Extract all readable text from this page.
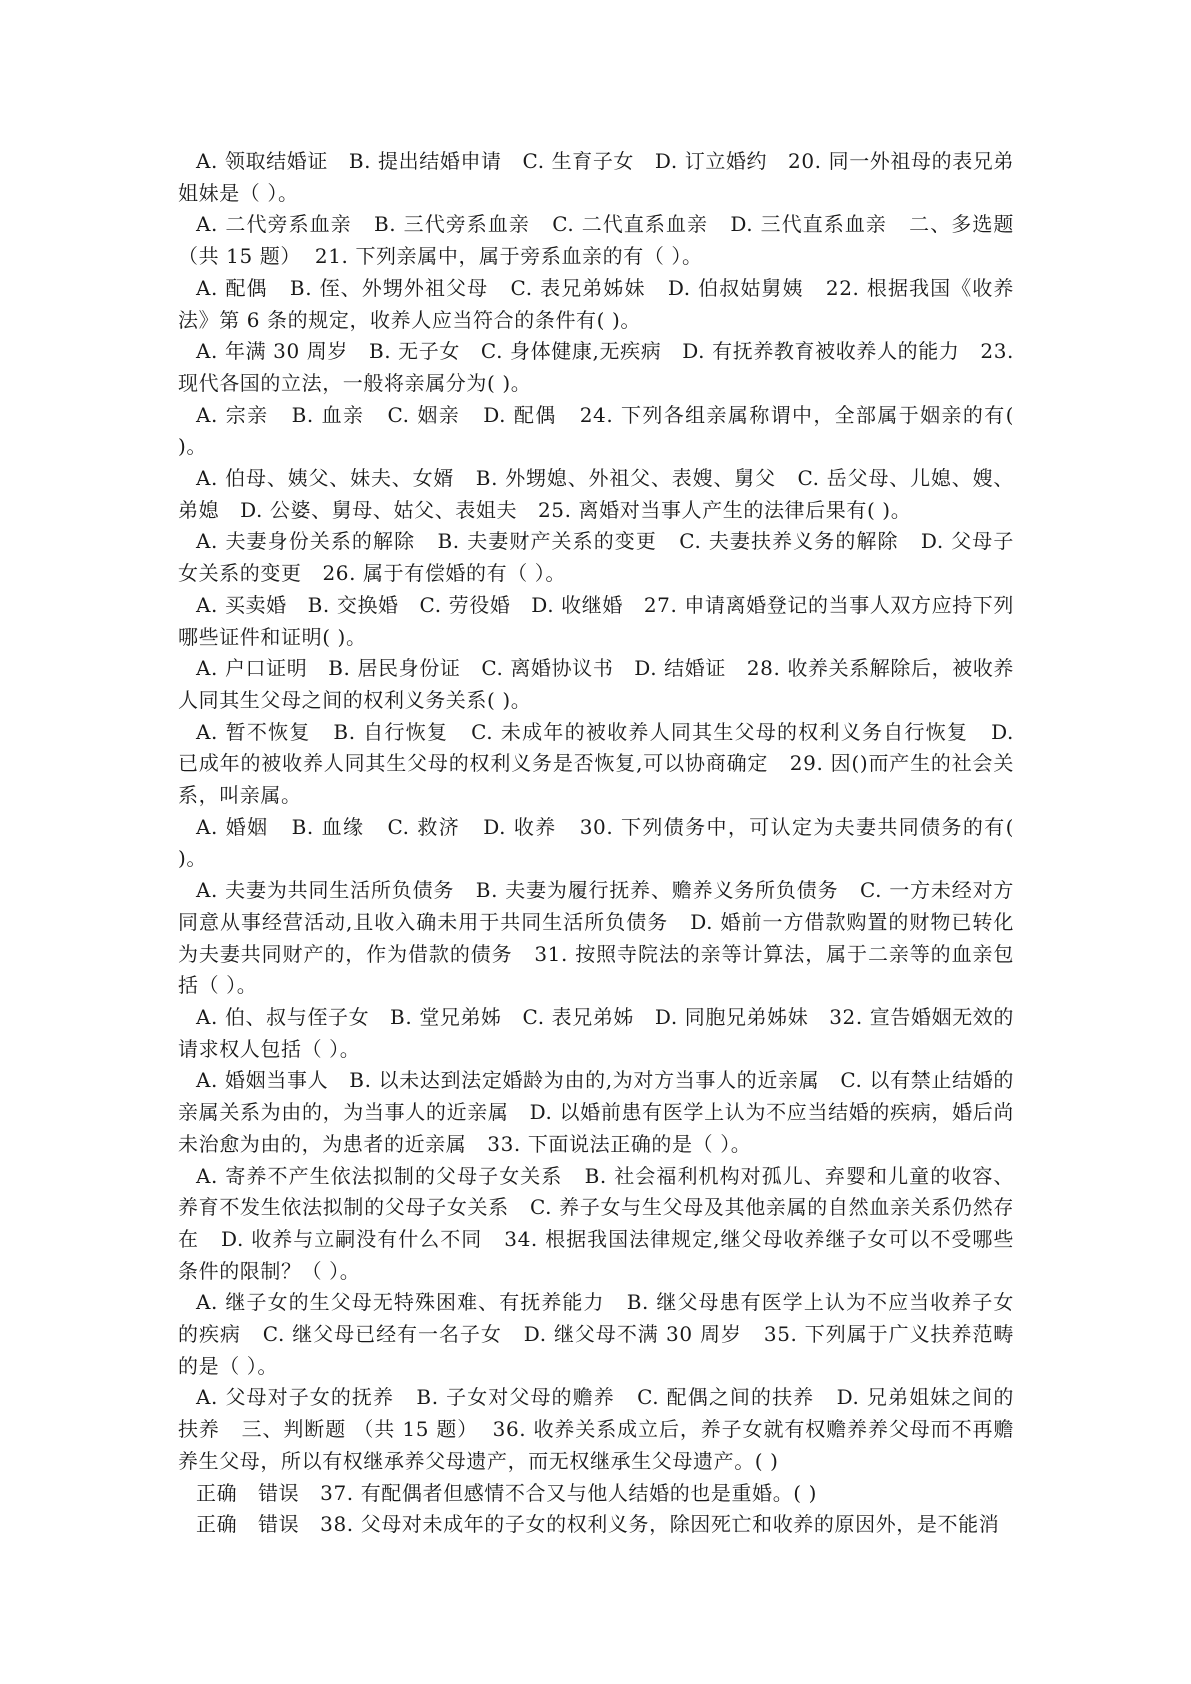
A. 领取结婚证   B. 提出结婚申请   C. 生育子女   D. 订立婚约   20. 同一外祖母的表兄弟姐妹是（ ）。

A. 二代旁系血亲   B. 三代旁系血亲   C. 二代直系血亲   D. 三代直系血亲   二、多选题（共 15 题）  21. 下列亲属中，属于旁系血亲的有（ ）。

A. 配偶   B. 侄、外甥外祖父母   C. 表兄弟姊妹   D. 伯叔姑舅姨   22. 根据我国《收养法》第 6 条的规定，收养人应当符合的条件有( )。

A. 年满 30 周岁   B. 无子女   C. 身体健康,无疾病   D. 有抚养教育被收养人的能力   23. 现代各国的立法，一般将亲属分为( )。

A. 宗亲   B. 血亲   C. 姻亲   D. 配偶   24. 下列各组亲属称谓中，全部属于姻亲的有( )。

A. 伯母、姨父、妹夫、女婿   B. 外甥媳、外祖父、表嫂、舅父   C. 岳父母、儿媳、嫂、弟媳   D. 公婆、舅母、姑父、表姐夫   25. 离婚对当事人产生的法律后果有( )。

A. 夫妻身份关系的解除   B. 夫妻财产关系的变更   C. 夫妻扶养义务的解除   D. 父母子女关系的变更   26. 属于有偿婚的有（ ）。

A. 买卖婚   B. 交换婚   C. 劳役婚   D. 收继婚   27. 申请离婚登记的当事人双方应持下列哪些证件和证明( )。

A. 户口证明   B. 居民身份证   C. 离婚协议书   D. 结婚证   28. 收养关系解除后，被收养人同其生父母之间的权利义务关系( )。

A. 暂不恢复   B. 自行恢复   C. 未成年的被收养人同其生父母的权利义务自行恢复   D. 已成年的被收养人同其生父母的权利义务是否恢复,可以协商确定   29. 因()而产生的社会关系，叫亲属。

A. 婚姻   B. 血缘   C. 救济   D. 收养   30. 下列债务中，可认定为夫妻共同债务的有( )。

A. 夫妻为共同生活所负债务   B. 夫妻为履行抚养、赡养义务所负债务   C. 一方未经对方同意从事经营活动,且收入确未用于共同生活所负债务   D. 婚前一方借款购置的财物已转化为夫妻共同财产的，作为借款的债务   31. 按照寺院法的亲等计算法，属于二亲等的血亲包括（ ）。

A. 伯、叔与侄子女   B. 堂兄弟姊   C. 表兄弟姊   D. 同胞兄弟姊妹   32. 宣告婚姻无效的请求权人包括（ ）。

A. 婚姻当事人   B. 以未达到法定婚龄为由的,为对方当事人的近亲属   C. 以有禁止结婚的亲属关系为由的，为当事人的近亲属   D. 以婚前患有医学上认为不应当结婚的疾病，婚后尚未治愈为由的，为患者的近亲属   33. 下面说法正确的是（ ）。

A. 寄养不产生依法拟制的父母子女关系   B. 社会福利机构对孤儿、弃婴和儿童的收容、养育不发生依法拟制的父母子女关系   C. 养子女与生父母及其他亲属的自然血亲关系仍然存在   D. 收养与立嗣没有什么不同   34. 根据我国法律规定,继父母收养继子女可以不受哪些条件的限制？（ ）。

A. 继子女的生父母无特殊困难、有抚养能力   B. 继父母患有医学上认为不应当收养子女的疾病   C. 继父母已经有一名子女   D. 继父母不满 30 周岁   35. 下列属于广义扶养范畴的是（ ）。

A. 父母对子女的抚养   B. 子女对父母的赡养   C. 配偶之间的扶养   D. 兄弟姐妹之间的扶养   三、判断题 （共 15 题）  36. 收养关系成立后，养子女就有权赡养养父母而不再赡养生父母，所以有权继承养父母遗产，而无权继承生父母遗产。( )

正确   错误   37. 有配偶者但感情不合又与他人结婚的也是重婚。( )

正确   错误   38. 父母对未成年的子女的权利义务，除因死亡和收养的原因外，是不能消
